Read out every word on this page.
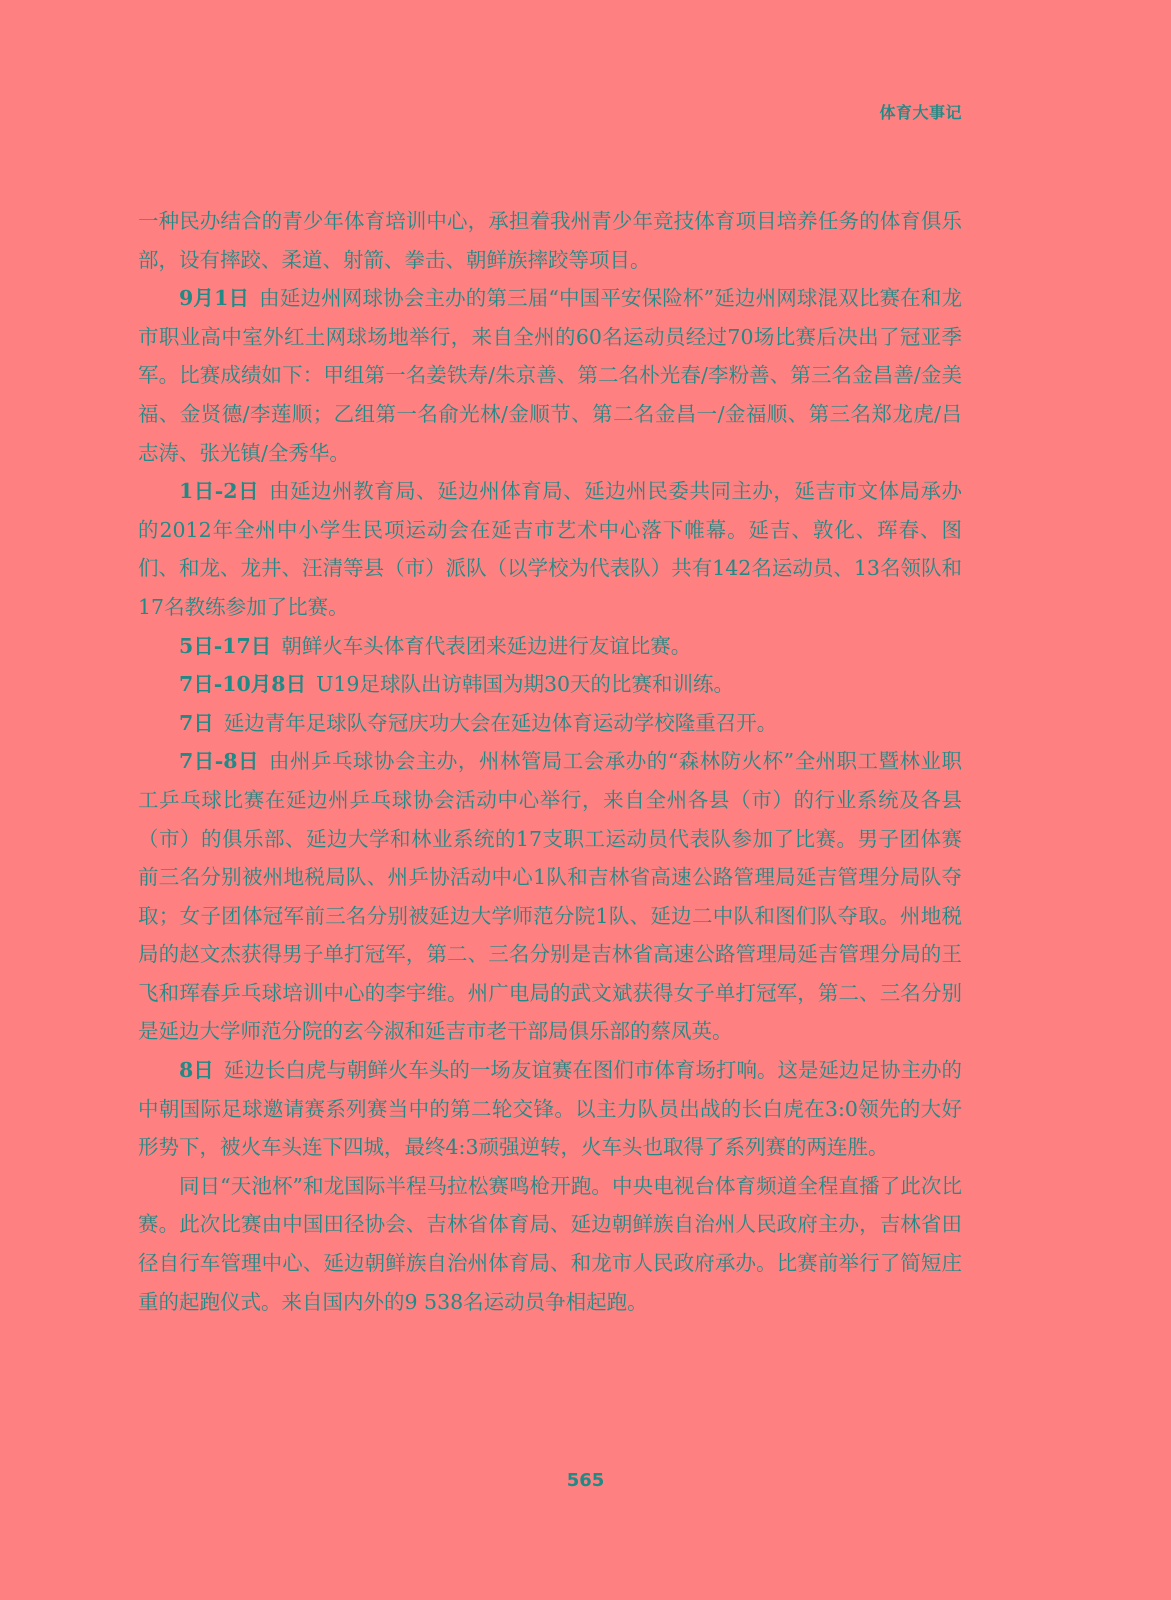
体育大事记

一种民办结合的青少年体育培训中心，承担着我州青少年竞技体育项目培养任务的体育俱乐部，设有摔跤、柔道、射箭、拳击、朝鲜族摔跤等项目。

9月1日 由延边州网球协会主办的第三届“中国平安保险杯”延边州网球混双比赛在和龙市职业高中室外红土网球场地举行，来自全州的60名运动员经过70场比赛后决出了冠亚季军。比赛成绩如下：甲组第一名姜铁寿/朱京善、第二名朴光春/李粉善、第三名金昌善/金美福、金贤德/李莲顺；乙组第一名俞光林/金顺节、第二名金昌一/金福顺、第三名郑龙虎/吕志涛、张光镇/全秀华。

1日-2日 由延边州教育局、延边州体育局、延边州民委共同主办，延吉市文体局承办的2012年全州中小学生民项运动会在延吉市艺术中心落下帷幕。延吉、敦化、珲春、图们、和龙、龙井、汪清等县（市）派队（以学校为代表队）共有142名运动员、13名领队和17名教练参加了比赛。

5日-17日 朝鲜火车头体育代表团来延边进行友谊比赛。

7日-10月8日 U19足球队出访韩国为期30天的比赛和训练。

7日 延边青年足球队夺冠庆功大会在延边体育运动学校隆重召开。

7日-8日 由州乒乓球协会主办，州林管局工会承办的“森林防火杯”全州职工暨林业职工乒乓球比赛在延边州乒乓球协会活动中心举行，来自全州各县（市）的行业系统及各县（市）的俱乐部、延边大学和林业系统的17支职工运动员代表队参加了比赛。男子团体赛前三名分别被州地税局队、州乒协活动中心1队和吉林省高速公路管理局延吉管理分局队夺取；女子团体冠军前三名分别被延边大学师范分院1队、延边二中队和图们队夺取。州地税局的赵文杰获得男子单打冠军，第二、三名分别是吉林省高速公路管理局延吉管理分局的王飞和珲春乒乓球培训中心的李宇维。州广电局的武文斌获得女子单打冠军，第二、三名分别是延边大学师范分院的玄今淑和延吉市老干部局俱乐部的蔡凤英。

8日 延边长白虎与朝鲜火车头的一场友谊赛在图们市体育场打响。这是延边足协主办的中朝国际足球邀请赛系列赛当中的第二轮交锋。以主力队员出战的长白虎在3:0领先的大好形势下，被火车头连下四城，最终4:3顽强逆转，火车头也取得了系列赛的两连胜。

同日“天池杯”和龙国际半程马拉松赛鸣枪开跑。中央电视台体育频道全程直播了此次比赛。此次比赛由中国田径协会、吉林省体育局、延边朝鲜族自治州人民政府主办，吉林省田径自行车管理中心、延边朝鲜族自治州体育局、和龙市人民政府承办。比赛前举行了简短庄重的起跑仪式。来自国内外的9 538名运动员争相起跑。

565
